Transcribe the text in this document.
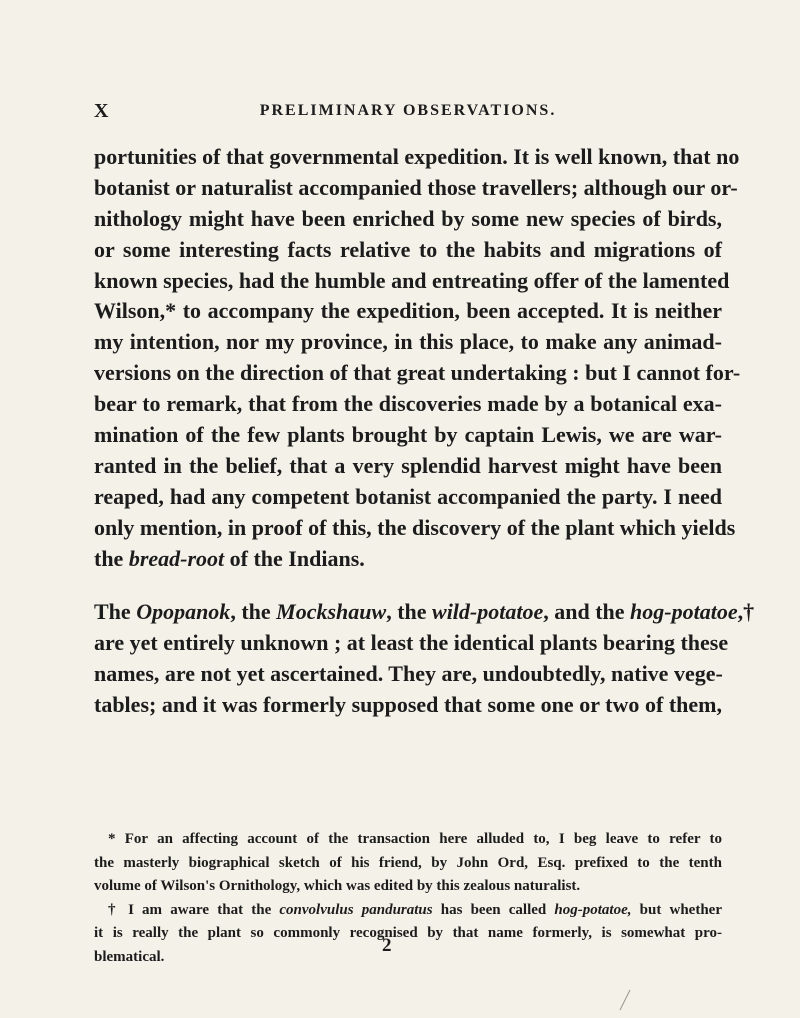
X	PRELIMINARY OBSERVATIONS.
portunities of that governmental expedition. It is well known, that no
botanist or naturalist accompanied those travellers; although our or-
nithology might have been enriched by some new species of birds,
or some interesting facts relative to the habits and migrations of
known species, had the humble and entreating offer of the lamented
Wilson,* to accompany the expedition, been accepted. It is neither
my intention, nor my province, in this place, to make any animad-
versions on the direction of that great undertaking : but I cannot for-
bear to remark, that from the discoveries made by a botanical exa-
mination of the few plants brought by captain Lewis, we are war-
ranted in the belief, that a very splendid harvest might have been
reaped, had any competent botanist accompanied the party. I need
only mention, in proof of this, the discovery of the plant which yields
the bread-root of the Indians.
The Opopanok, the Mockshauw, the wild-potatoe, and the hog-potatoe,†
are yet entirely unknown ; at least the identical plants bearing these
names, are not yet ascertained. They are, undoubtedly, native vege-
tables; and it was formerly supposed that some one or two of them,
* For an affecting account of the transaction here alluded to, I beg leave to refer to
the masterly biographical sketch of his friend, by John Ord, Esq. prefixed to the tenth
volume of Wilson's Ornithology, which was edited by this zealous naturalist.
† I am aware that the convolvulus panduratus has been called hog-potatoe, but whether
it is really the plant so commonly recognised by that name formerly, is somewhat pro-
blematical.
2
